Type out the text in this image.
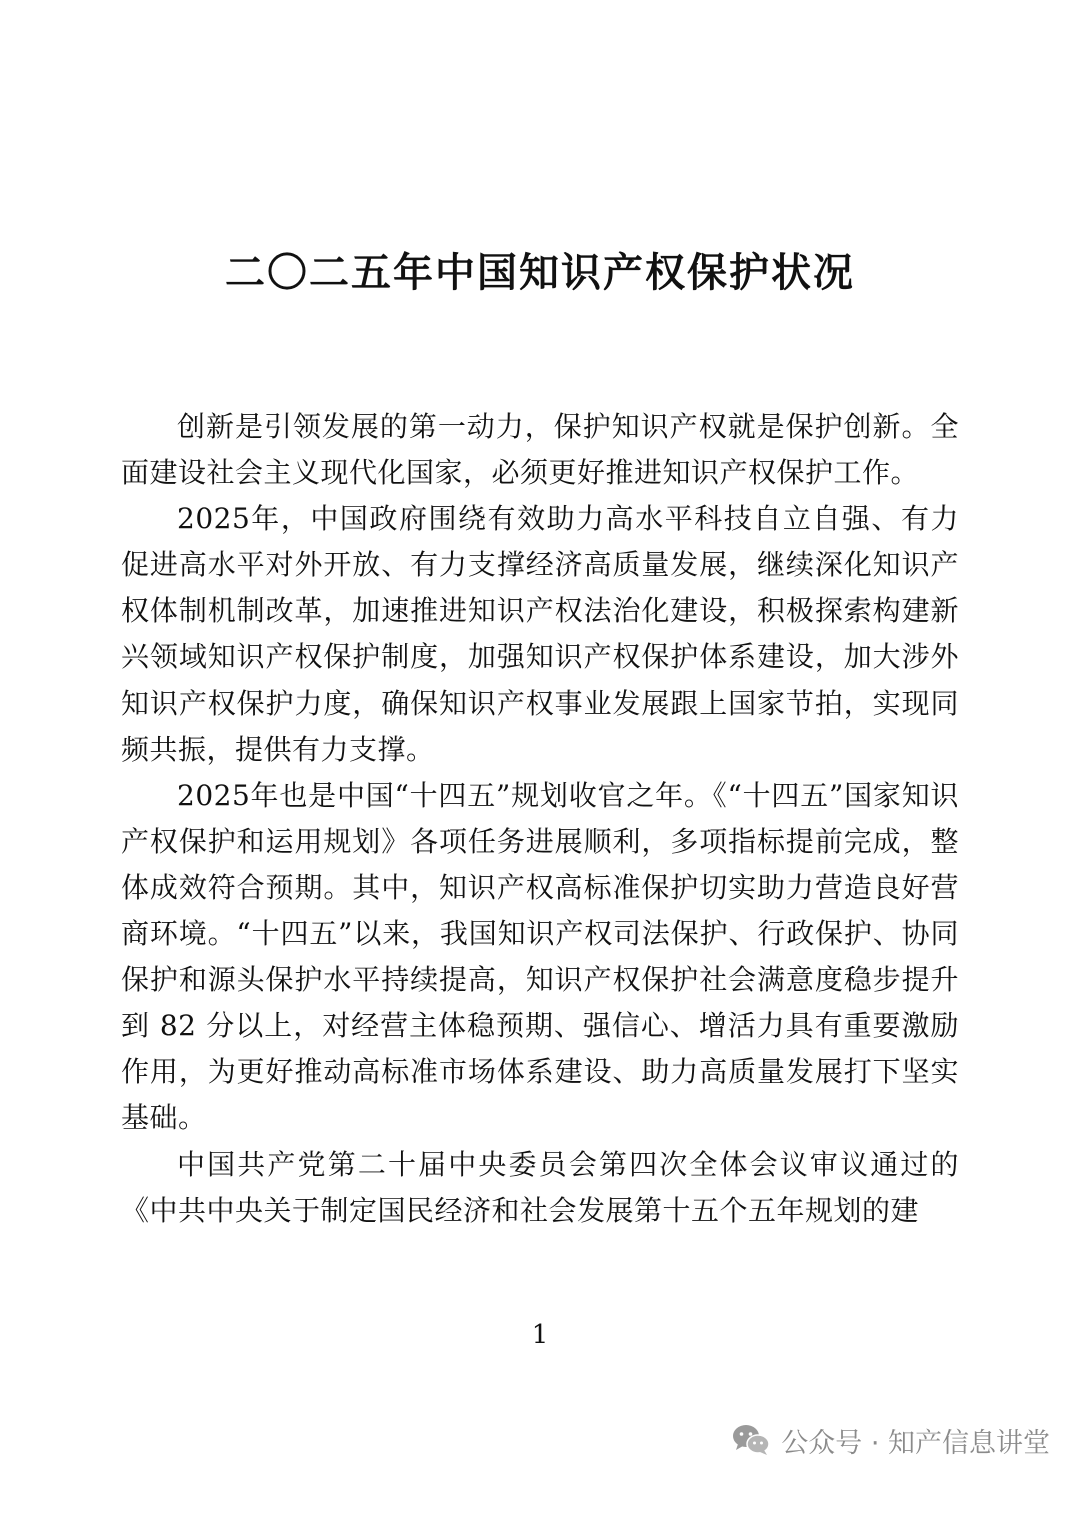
二〇二五年中国知识产权保护状况

创新是引领发展的第一动力，保护知识产权就是保护创新。全面建设社会主义现代化国家，必须更好推进知识产权保护工作。

2025年，中国政府围绕有效助力高水平科技自立自强、有力促进高水平对外开放、有力支撑经济高质量发展，继续深化知识产权体制机制改革，加速推进知识产权法治化建设，积极探索构建新兴领域知识产权保护制度，加强知识产权保护体系建设，加大涉外知识产权保护力度，确保知识产权事业发展跟上国家节拍，实现同频共振，提供有力支撑。

2025年也是中国“十四五”规划收官之年。《“十四五”国家知识产权保护和运用规划》各项任务进展顺利，多项指标提前完成，整体成效符合预期。其中，知识产权高标准保护切实助力营造良好营商环境。“十四五”以来，我国知识产权司法保护、行政保护、协同保护和源头保护水平持续提高，知识产权保护社会满意度稳步提升到 82 分以上，对经营主体稳预期、强信心、增活力具有重要激励作用，为更好推动高标准市场体系建设、助力高质量发展打下坚实基础。

中国共产党第二十届中央委员会第四次全体会议审议通过的《中共中央关于制定国民经济和社会发展第十五个五年规划的建

1
公众号 · 知产信息讲堂
